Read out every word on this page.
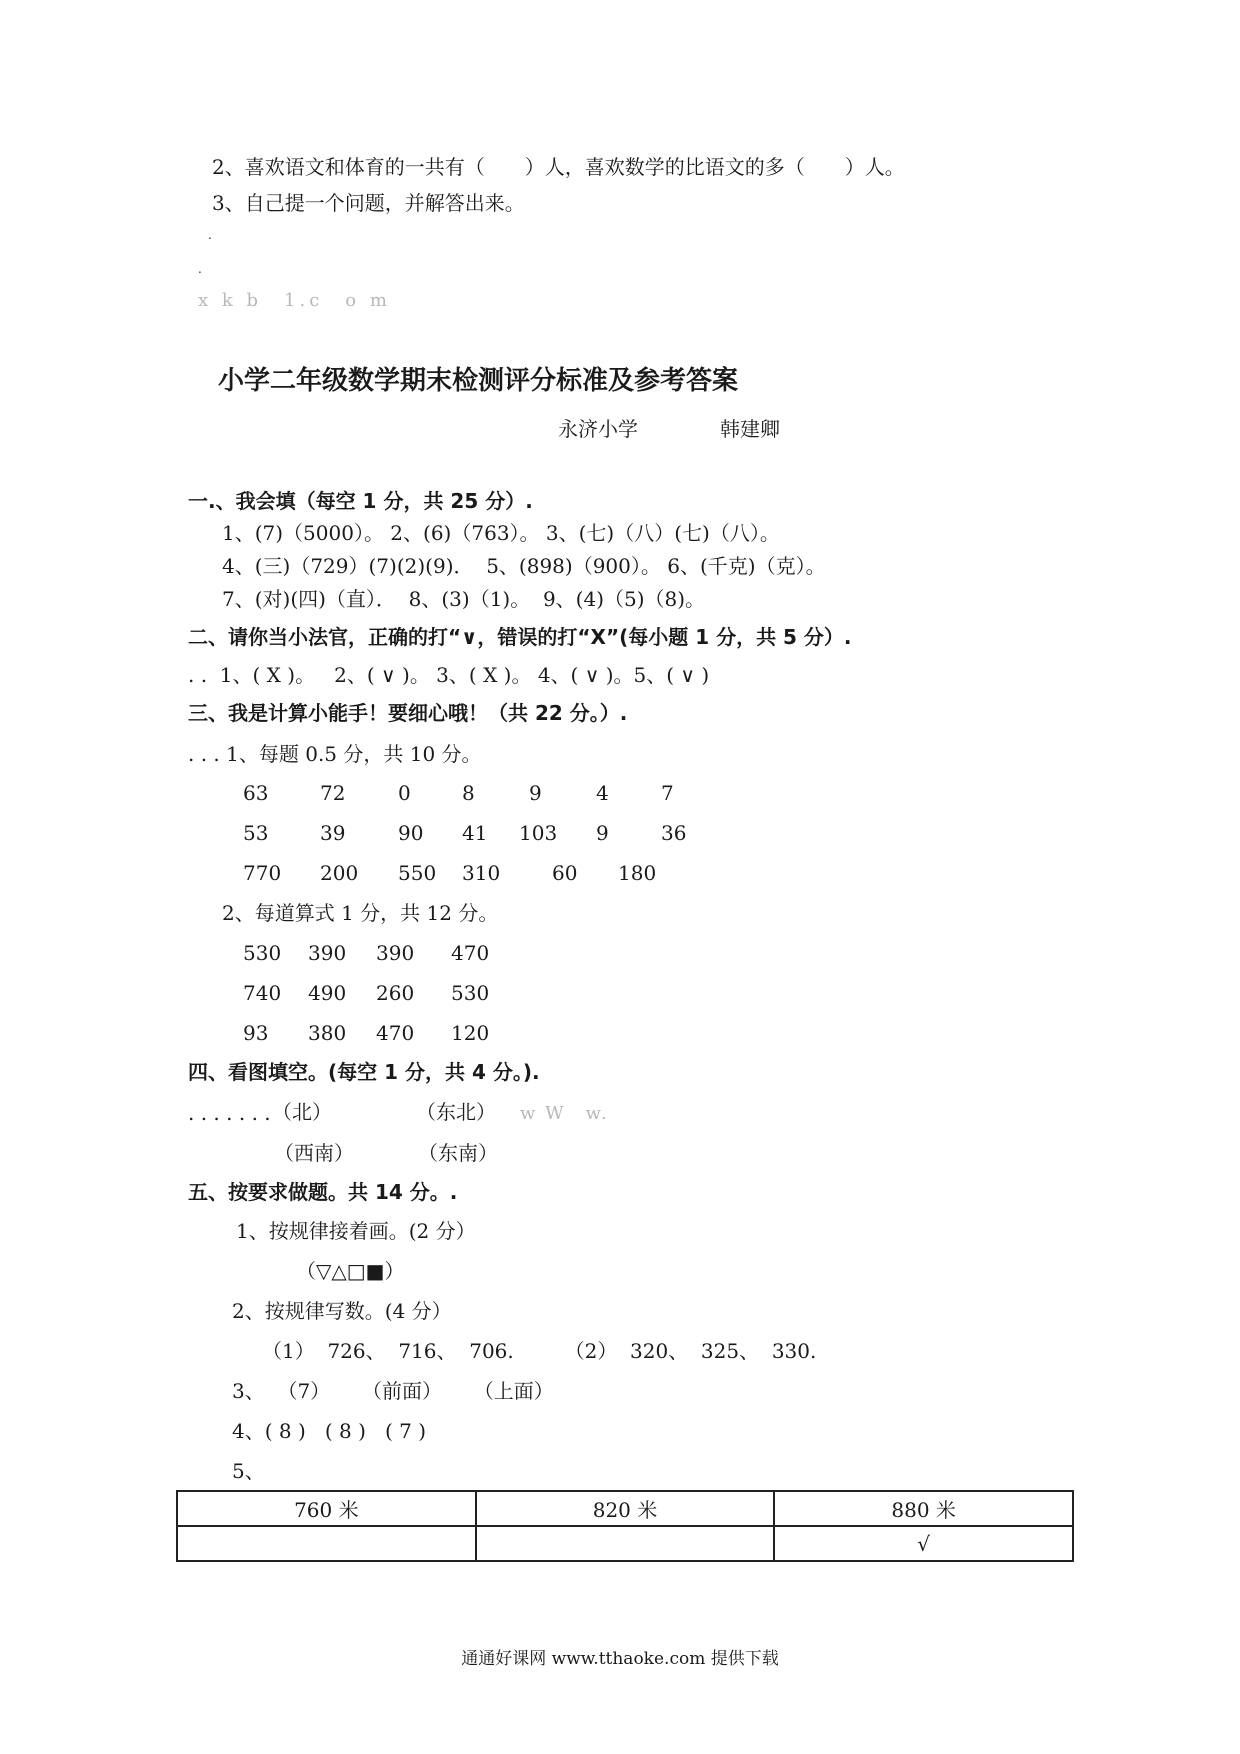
2、喜欢语文和体育的一共有（　　）人，喜欢数学的比语文的多（　　）人。
3、自己提一个问题，并解答出来。
.
.
x k b　1.c　o m
小学二年级数学期末检测评分标准及参考答案
永济小学	韩建卿
一.、我会填（每空 1 分，共 25 分）.
1、(7)（5000）。 2、(6)（763）。 3、(七)（八）(七)（八）。
4、(三)（729）(7)(2)(9)．  5、(898)（900）。 6、(千克)（克）。
7、(对)(四)（直）．  8、(3)（1)。  9、(4)（5)（8)。
二、请你当小法官，正确的打“∨，错误的打“X”(每小题 1 分，共 5 分）.
. .  1、( X )。   2、( ∨ )。 3、( X )。 4、( ∨ )。5、( ∨ )
三、我是计算小能手！要细心哦！（共 22 分。）.
. . . 1、每题 0.5 分，共 10 分。
63	72	0	8	9	4	7
53	39	90 41 103 9	36
770 200 550 310	60 180
2、每道算式 1 分，共 12 分。
530 390 390 470
740 490 260 530
93 380 470 120
四、看图填空。(每空 1 分，共 4 分。).
. . . . . . . （北）	（东北） w W　w.
（西南）	（东南）
五、按要求做题。共 14 分。.
1、按规律接着画。(2 分）
（▽△□■）
2、按规律写数。(4 分）
（1）  726、  716、  706.        （2）  320、  325、  330.
3、  （7）     （前面）     （上面）
4、( 8 )   ( 8 )   ( 7 )
5、
760 米	820 米	880 米
		√
通通好课网 www.tthaoke.com 提供下载
